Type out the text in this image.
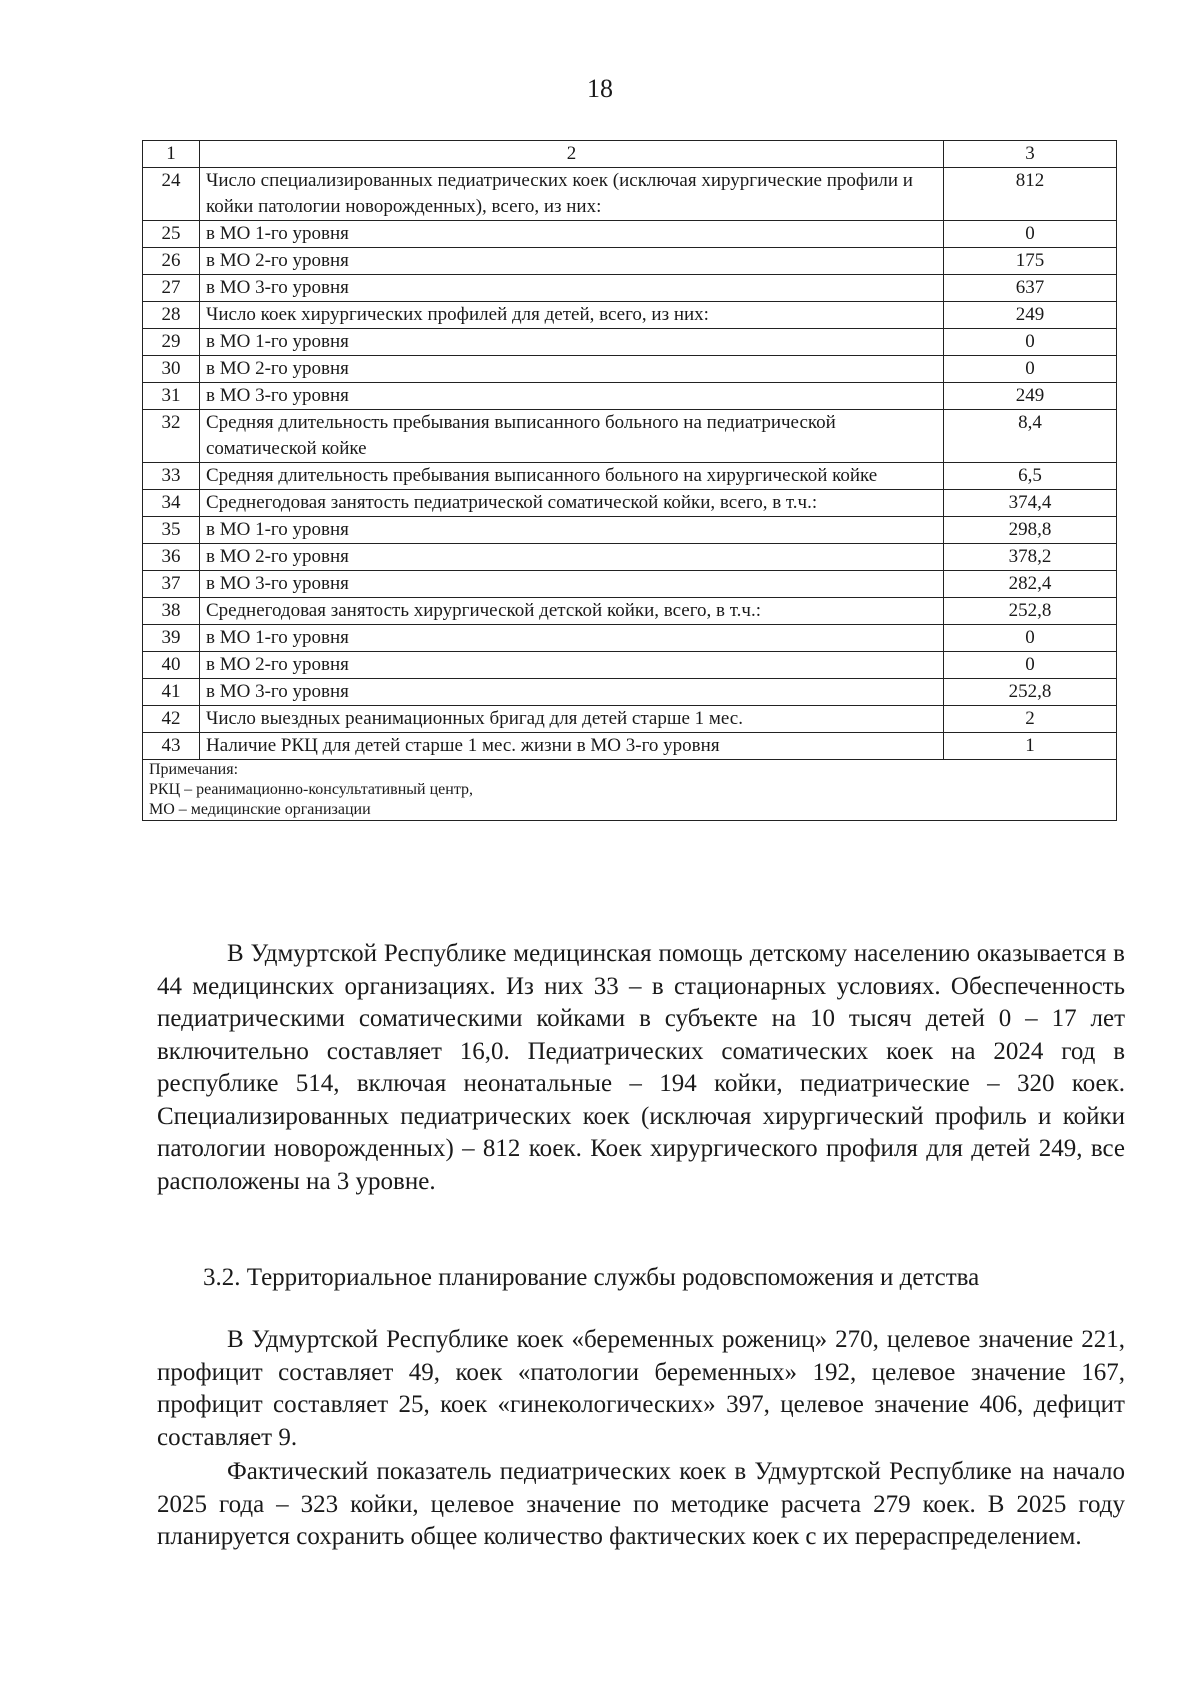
18
1	2	3
24	Число специализированных педиатрических коек (исключая хирургические профили и койки патологии новорожденных), всего, из них:	812
25	в МО 1-го уровня	0
26	в МО 2-го уровня	175
27	в МО 3-го уровня	637
28	Число коек хирургических профилей для детей, всего, из них:	249
29	в МО 1-го уровня	0
30	в МО 2-го уровня	0
31	в МО 3-го уровня	249
32	Средняя длительность пребывания выписанного больного на педиатрической соматической койке	8,4
33	Средняя длительность пребывания выписанного больного на хирургической койке	6,5
34	Среднегодовая занятость педиатрической соматической койки, всего, в т.ч.:	374,4
35	в МО 1-го уровня	298,8
36	в МО 2-го уровня	378,2
37	в МО 3-го уровня	282,4
38	Среднегодовая занятость хирургической детской койки, всего, в т.ч.:	252,8
39	в МО 1-го уровня	0
40	в МО 2-го уровня	0
41	в МО 3-го уровня	252,8
42	Число выездных реанимационных бригад для детей старше 1 мес.	2
43	Наличие РКЦ для детей старше 1 мес. жизни в МО 3-го уровня	1

Примечания:
РКЦ – реанимационно-консультативный центр,
МО – медицинские организации		

В Удмуртской Республике медицинская помощь детскому населению оказывается в 44 медицинских организациях. Из них 33 – в стационарных условиях. Обеспеченность педиатрическими соматическими койками в субъекте на 10 тысяч детей 0 – 17 лет включительно составляет 16,0. Педиатрических соматических коек на 2024 год в республике 514, включая неонатальные – 194 койки, педиатрические – 320 коек. Специализированных педиатрических коек (исключая хирургический профиль и койки патологии новорожденных) – 812 коек. Коек хирургического профиля для детей 249, все расположены на 3 уровне.

3.2. Территориальное планирование службы родовспоможения и детства

В Удмуртской Республике коек «беременных рожениц» 270, целевое значение 221, профицит составляет 49, коек «патологии беременных» 192, целевое значение 167, профицит составляет 25, коек «гинекологических» 397, целевое значение 406, дефицит составляет 9.

Фактический показатель педиатрических коек в Удмуртской Республике на начало 2025 года – 323 койки, целевое значение по методике расчета 279 коек. В 2025 году планируется сохранить общее количество фактических коек с их перераспределением.
